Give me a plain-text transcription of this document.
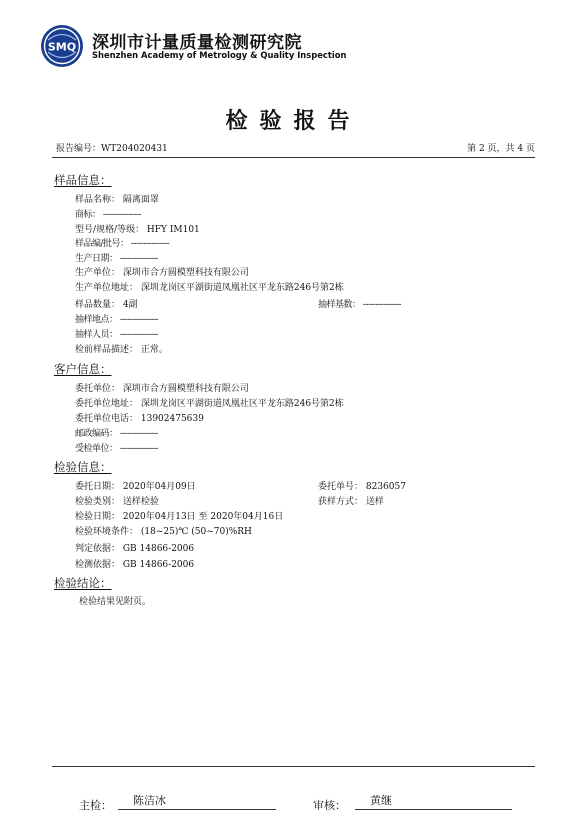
SMQ 深圳市计量质量检测研究院
Shenzhen Academy of Metrology & Quality Inspection
检验报告
报告编号：WT204020431	第 2 页，共 4 页
样品信息：
样品名称： 隔离面罩
商标： ---------------
型号/规格/等级： HFY IM101
样品编/批号： ---------------
生产日期： ---------------
生产单位： 深圳市合方圆模塑科技有限公司
生产单位地址： 深圳龙岗区平湖街道凤凰社区平龙东路246号第2栋
样品数量： 4副	抽样基数： ---------------
抽样地点： ---------------
抽样人员： ---------------
检前样品描述： 正常。
客户信息：
委托单位： 深圳市合方圆模塑科技有限公司
委托单位地址： 深圳龙岗区平湖街道凤凰社区平龙东路246号第2栋
委托单位电话： 13902475639
邮政编码： ---------------
受检单位： ---------------
检验信息：
委托日期： 2020年04月09日	委托单号： 8236057
检验类别： 送样检验	获样方式： 送样
检验日期： 2020年04月13日 至 2020年04月16日
检验环境条件： (18~25)℃ (50~70)%RH
判定依据： GB 14866-2006
检测依据： GB 14866-2006
检验结论：
检验结果见附页。
主检： 陈洁冰	审核： 黄继
